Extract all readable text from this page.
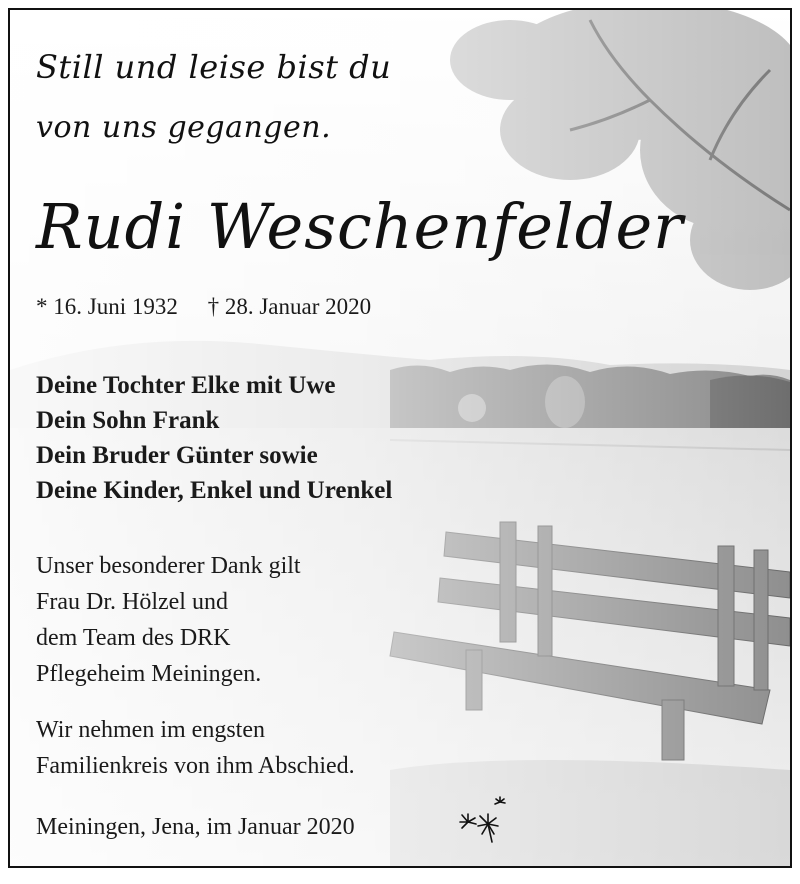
Still und leise bist du
von uns gegangen.
Rudi Weschenfelder
* 16. Juni 1932 † 28. Januar 2020
Deine Tochter Elke mit Uwe
Dein Sohn Frank
Dein Bruder Günter sowie
Deine Kinder, Enkel und Urenkel
Unser besonderer Dank gilt
Frau Dr. Hölzel und
dem Team des DRK
Pflegeheim Meiningen.
Wir nehmen im engsten
Familienkreis von ihm Abschied.
Meiningen, Jena, im Januar 2020
